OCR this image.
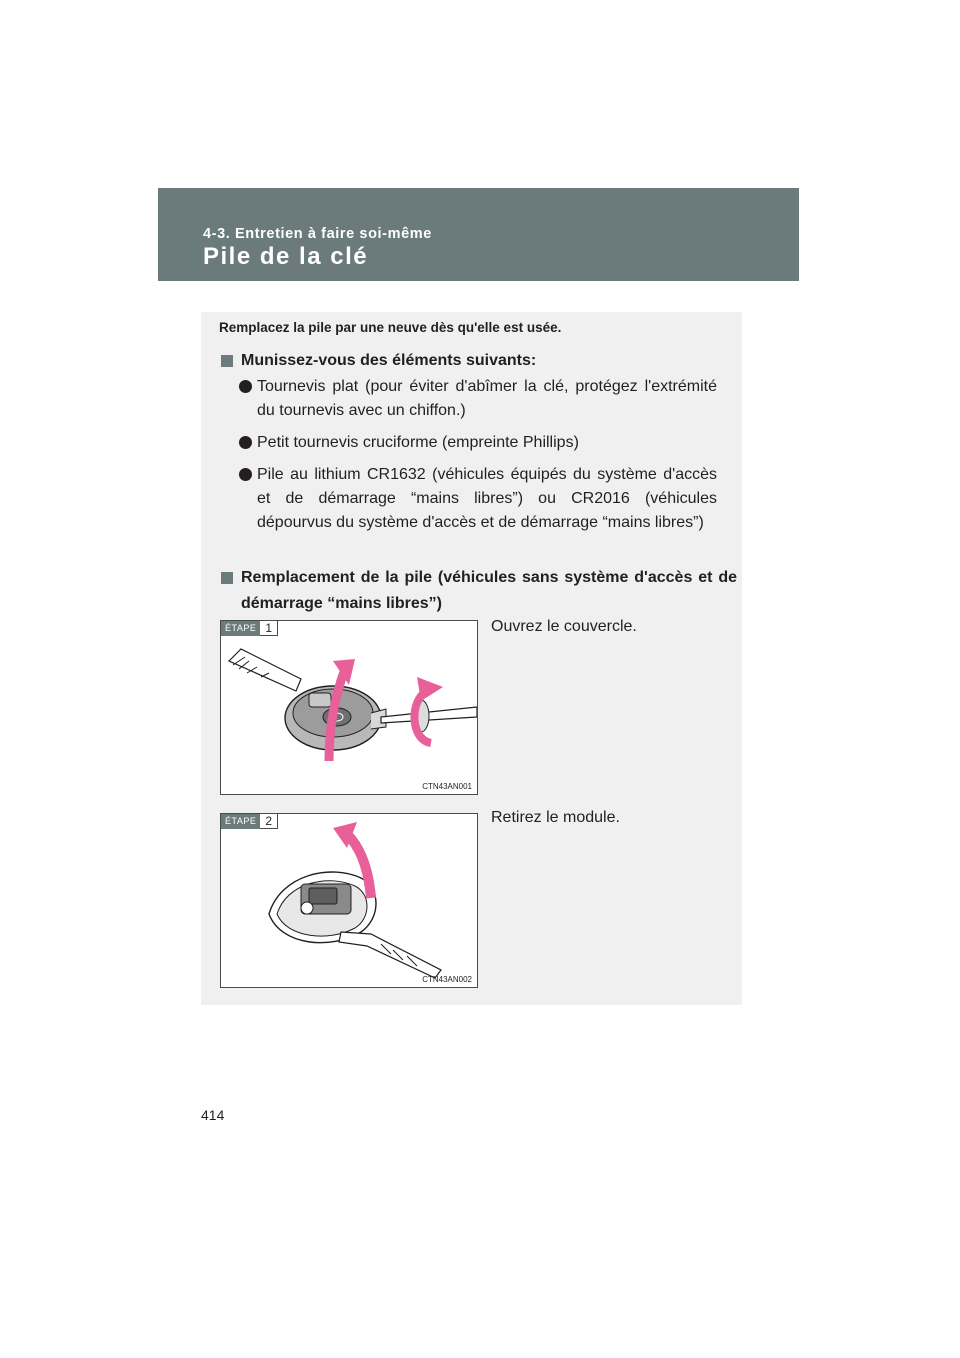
4-3. Entretien à faire soi-même
Pile de la clé
Remplacez la pile par une neuve dès qu'elle est usée.
Munissez-vous des éléments suivants:
Tournevis plat (pour éviter d'abîmer la clé, protégez l'extrémité du tournevis avec un chiffon.)
Petit tournevis cruciforme (empreinte Phillips)
Pile au lithium CR1632 (véhicules équipés du système d'accès et de démarrage “mains libres”) ou CR2016 (véhicules dépourvus du système d'accès et de démarrage “mains libres”)
Remplacement de la pile (véhicules sans système d'accès et de démarrage “mains libres”)
ÉTAPE 1
CTN43AN001
Ouvrez le couvercle.
ÉTAPE 2
CTN43AN002
Retirez le module.
414
